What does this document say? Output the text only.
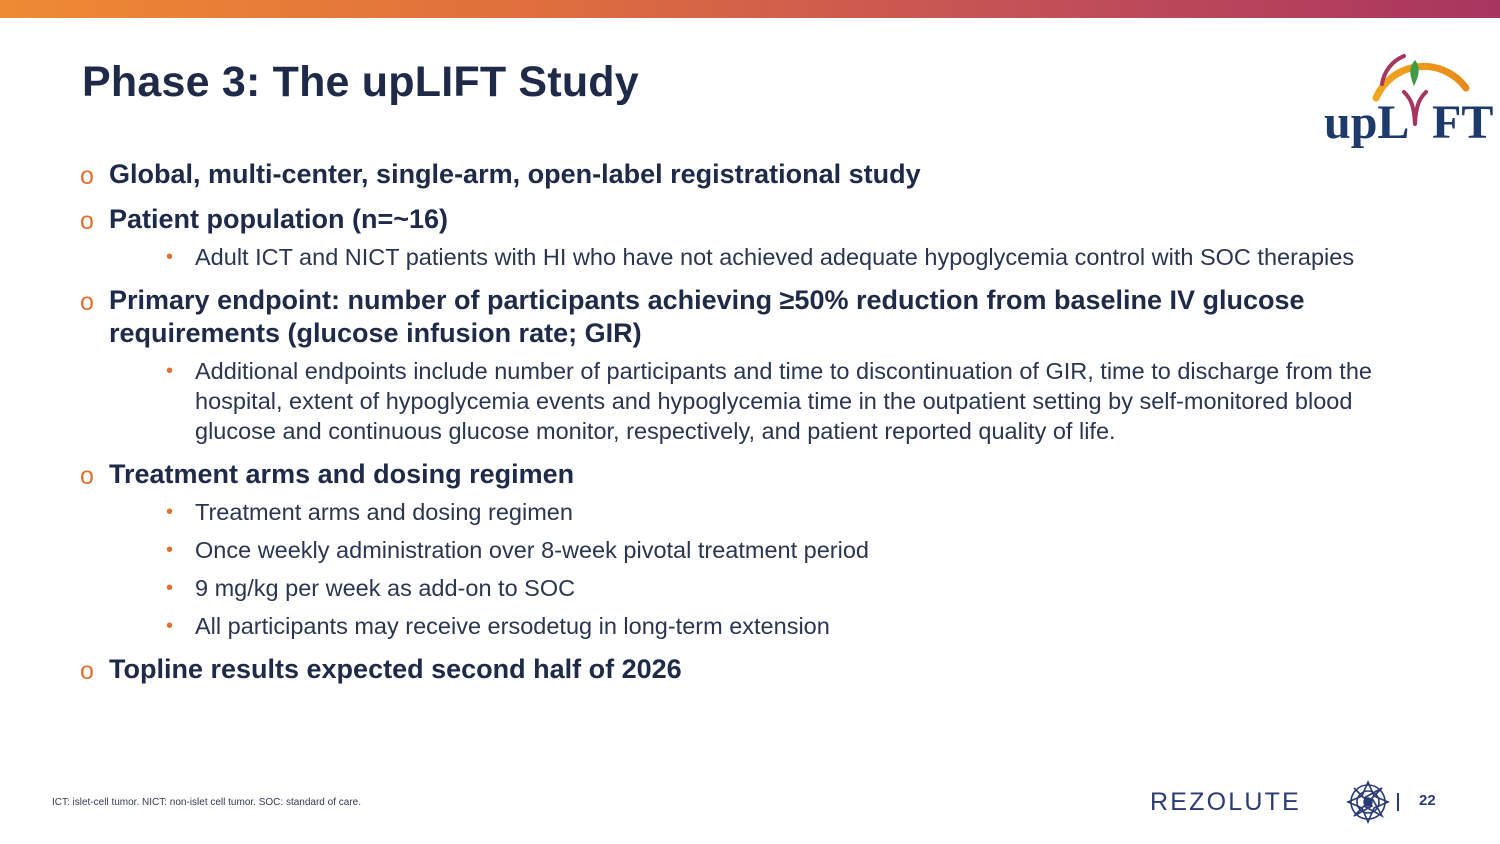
Phase 3: The upLIFT Study
upL FT
o Global, multi-center, single-arm, open-label registrational study
o Patient population (n=~16)
• Adult ICT and NICT patients with HI who have not achieved adequate hypoglycemia control with SOC therapies
o Primary endpoint: number of participants achieving ≥50% reduction from baseline IV glucose requirements (glucose infusion rate; GIR)
• Additional endpoints include number of participants and time to discontinuation of GIR, time to discharge from the hospital, extent of hypoglycemia events and hypoglycemia time in the outpatient setting by self-monitored blood glucose and continuous glucose monitor, respectively, and patient reported quality of life.
o Treatment arms and dosing regimen
• Treatment arms and dosing regimen
• Once weekly administration over 8-week pivotal treatment period
• 9 mg/kg per week as add-on to SOC
• All participants may receive ersodetug in long-term extension
o Topline results expected second half of 2026
ICT: islet-cell tumor. NICT: non-islet cell tumor. SOC: standard of care.	REZOLUTE	22
